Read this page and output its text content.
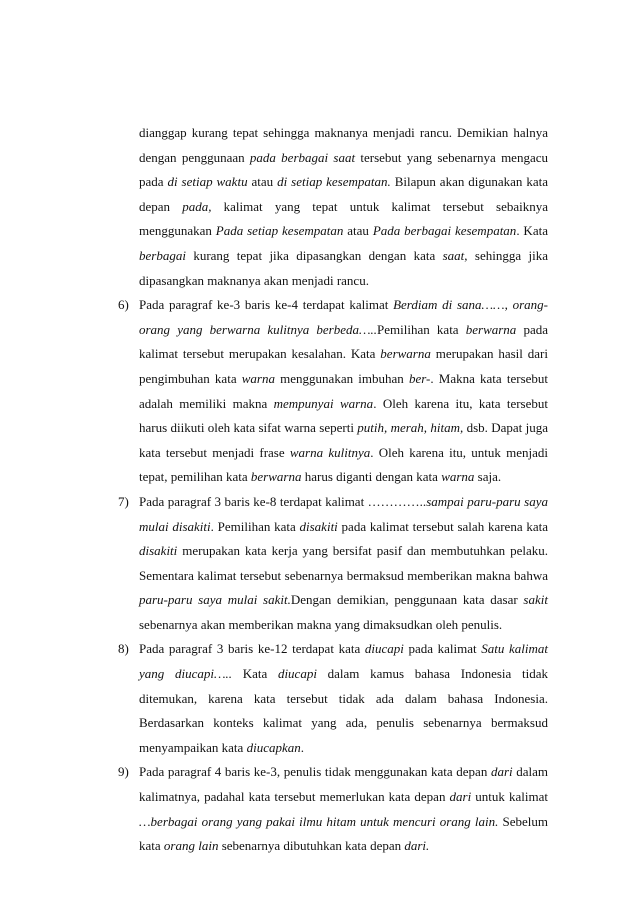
dianggap kurang tepat sehingga maknanya menjadi rancu. Demikian halnya
dengan penggunaan pada berbagai saat tersebut yang sebenarnya mengacu
pada di setiap waktu atau di setiap kesempatan. Bilapun akan digunakan kata
depan pada, kalimat yang tepat untuk kalimat tersebut sebaiknya
menggunakan Pada setiap kesempatan atau Pada berbagai kesempatan. Kata
berbagai kurang tepat jika dipasangkan dengan kata saat, sehingga jika
dipasangkan maknanya akan menjadi rancu.
6) Pada paragraf ke-3 baris ke-4 terdapat kalimat Berdiam di sana……, orang-
orang yang berwarna kulitnya berbeda…..Pemilihan kata berwarna pada
kalimat tersebut merupakan kesalahan. Kata berwarna merupakan hasil dari
pengimbuhan kata warna menggunakan imbuhan ber-. Makna kata tersebut
adalah memiliki makna mempunyai warna. Oleh karena itu, kata tersebut
harus diikuti oleh kata sifat warna seperti putih, merah, hitam, dsb. Dapat juga
kata tersebut menjadi frase warna kulitnya. Oleh karena itu, untuk menjadi
tepat, pemilihan kata berwarna harus diganti dengan kata warna saja.
7) Pada paragraf 3 baris ke-8 terdapat kalimat …………..sampai paru-paru saya
mulai disakiti. Pemilihan kata disakiti pada kalimat tersebut salah karena kata
disakiti merupakan kata kerja yang bersifat pasif dan membutuhkan pelaku.
Sementara kalimat tersebut sebenarnya bermaksud memberikan makna bahwa
paru-paru saya mulai sakit.Dengan demikian, penggunaan kata dasar sakit
sebenarnya akan memberikan makna yang dimaksudkan oleh penulis.
8) Pada paragraf 3 baris ke-12 terdapat kata diucapi pada kalimat Satu kalimat
yang diucapi….. Kata diucapi dalam kamus bahasa Indonesia tidak
ditemukan, karena kata tersebut tidak ada dalam bahasa Indonesia.
Berdasarkan konteks kalimat yang ada, penulis sebenarnya bermaksud
menyampaikan kata diucapkan.
9) Pada paragraf 4 baris ke-3, penulis tidak menggunakan kata depan dari dalam
kalimatnya, padahal kata tersebut memerlukan kata depan dari untuk kalimat
…berbagai orang yang pakai ilmu hitam untuk mencuri orang lain. Sebelum
kata orang lain sebenarnya dibutuhkan kata depan dari.
